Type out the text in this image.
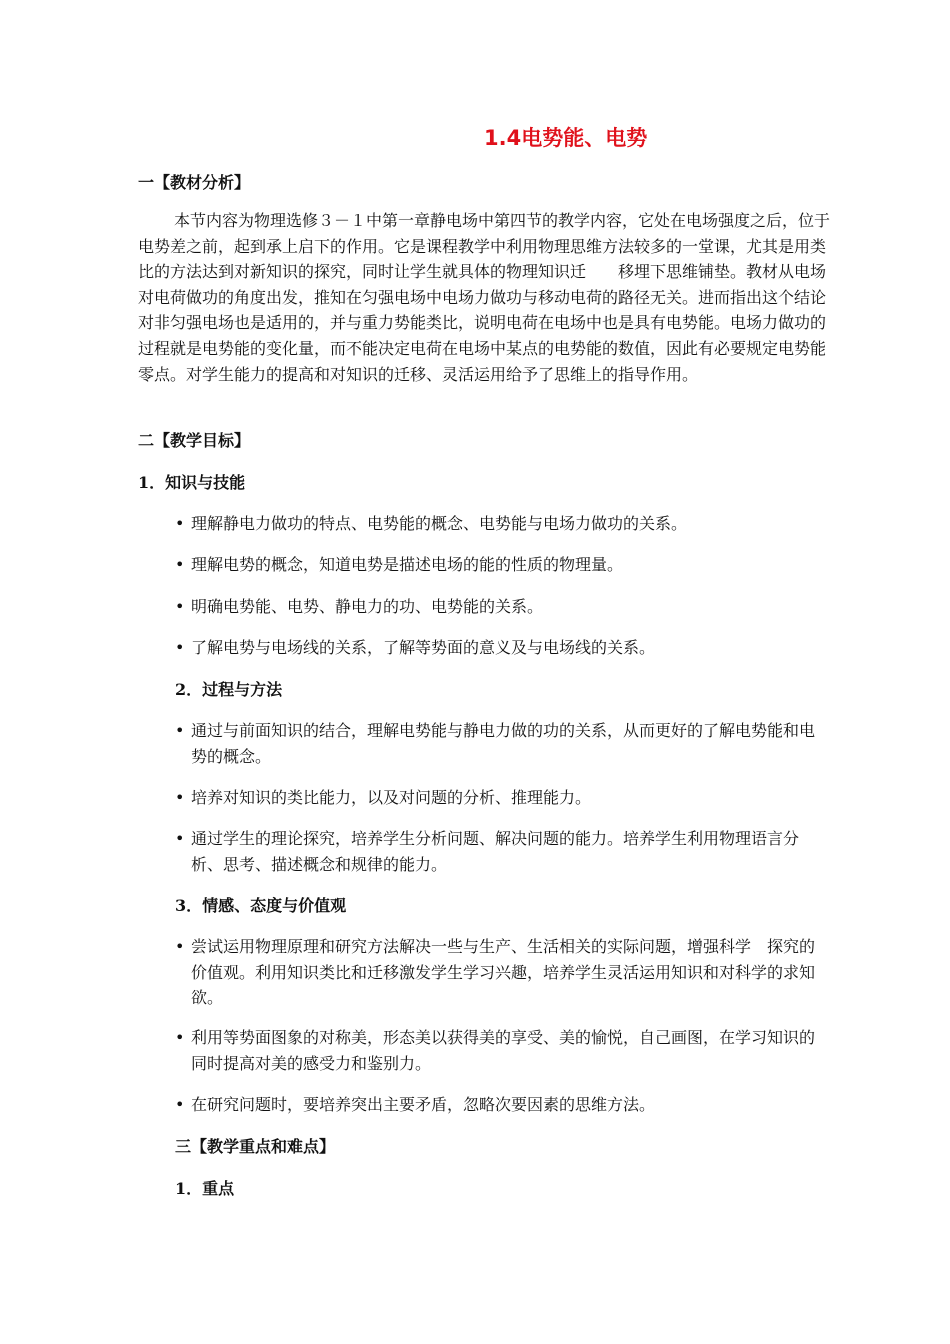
1.4电势能、电势
一【教材分析】
本节内容为物理选修３－１中第一章静电场中第四节的教学内容，它处在电场强度之后，位于电势差之前，起到承上启下的作用。它是课程教学中利用物理思维方法较多的一堂课，尤其是用类比的方法达到对新知识的探究，同时让学生就具体的物理知识迁　　移埋下思维铺垫。教材从电场对电荷做功的角度出发，推知在匀强电场中电场力做功与移动电荷的路径无关。进而指出这个结论对非匀强电场也是适用的，并与重力势能类比，说明电荷在电场中也是具有电势能。电场力做功的过程就是电势能的变化量，而不能决定电荷在电场中某点的电势能的数值，因此有必要规定电势能零点。对学生能力的提高和对知识的迁移、灵活运用给予了思维上的指导作用。
二【教学目标】
1．知识与技能
• 理解静电力做功的特点、电势能的概念、电势能与电场力做功的关系。
• 理解电势的概念，知道电势是描述电场的能的性质的物理量。
• 明确电势能、电势、静电力的功、电势能的关系。
• 了解电势与电场线的关系，了解等势面的意义及与电场线的关系。
2．过程与方法
• 通过与前面知识的结合，理解电势能与静电力做的功的关系，从而更好的了解电势能和电势的概念。
• 培养对知识的类比能力，以及对问题的分析、推理能力。
• 通过学生的理论探究，培养学生分析问题、解决问题的能力。培养学生利用物理语言分析、思考、描述概念和规律的能力。
3．情感、态度与价值观
• 尝试运用物理原理和研究方法解决一些与生产、生活相关的实际问题，增强科学　探究的价值观。利用知识类比和迁移激发学生学习兴趣，培养学生灵活运用知识和对科学的求知欲。
• 利用等势面图象的对称美，形态美以获得美的享受、美的愉悦，自己画图，在学习知识的同时提高对美的感受力和鉴别力。
• 在研究问题时，要培养突出主要矛盾，忽略次要因素的思维方法。
三【教学重点和难点】
1．重点
